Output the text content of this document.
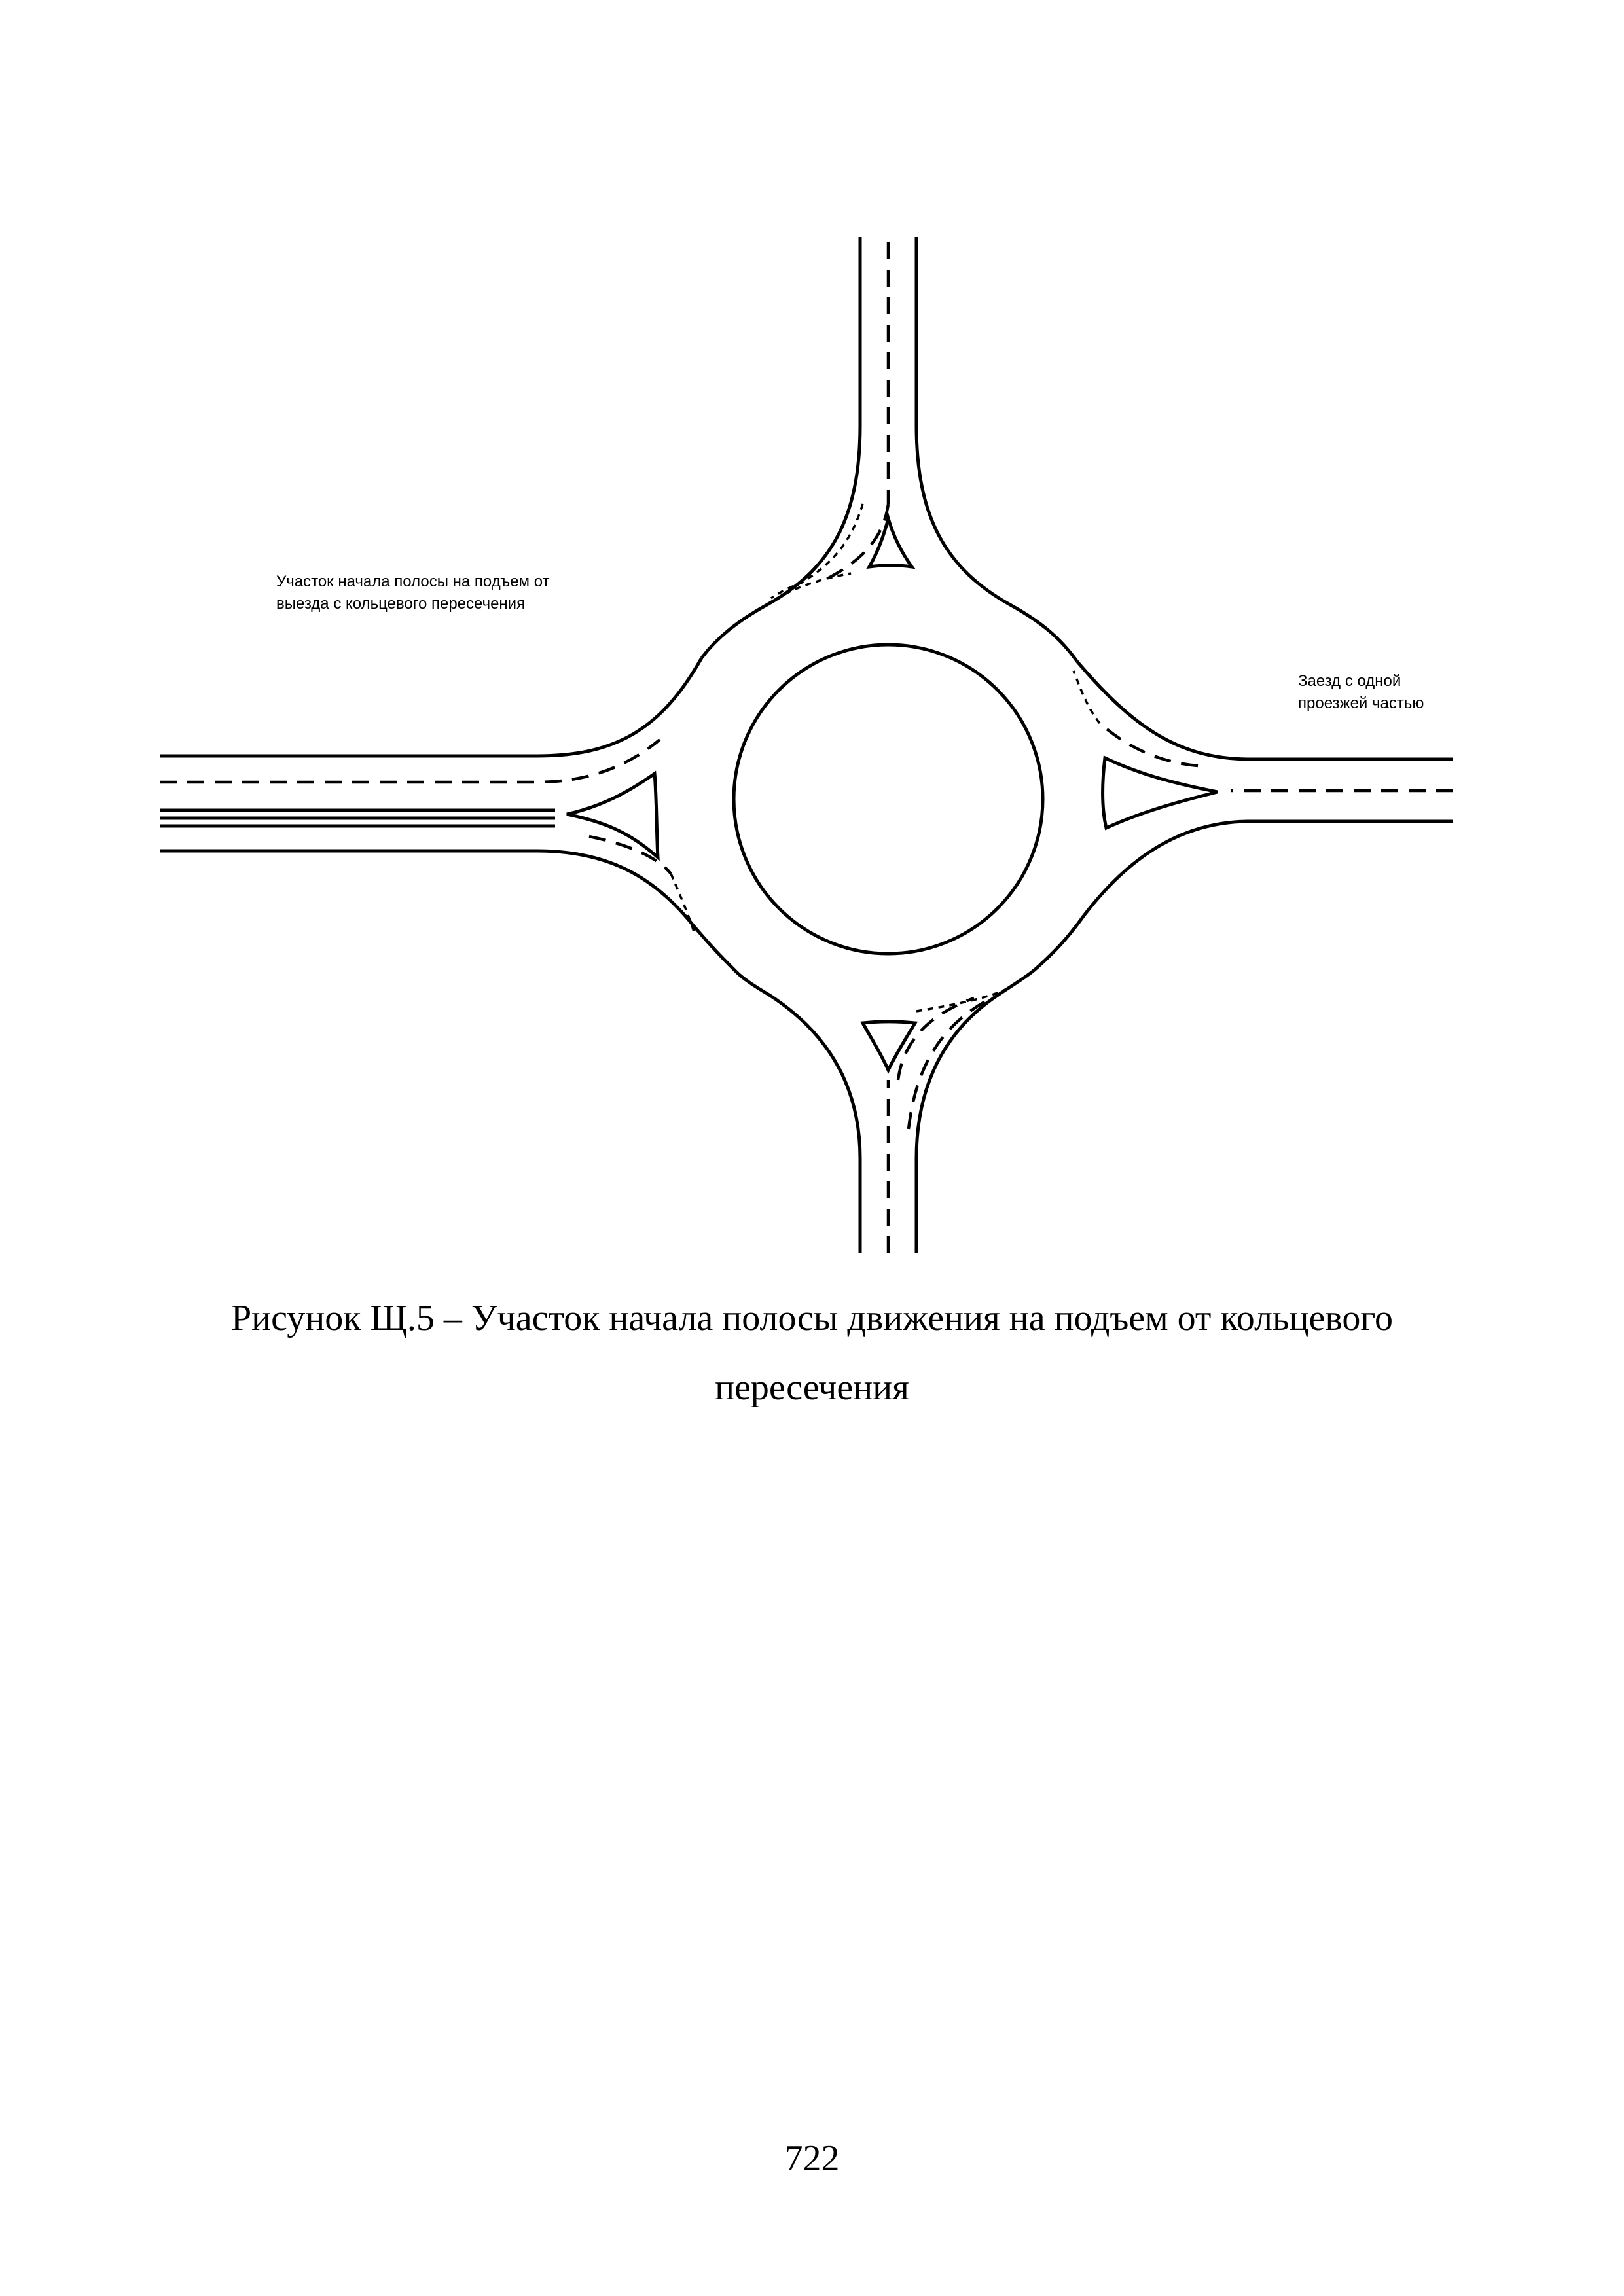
Участок начала полосы на подъем от
выезда с кольцевого пересечения
Заезд с одной
проезжей частью
Рисунок Щ.5 – Участок начала полосы движения на подъем от кольцевого
пересечения
722
